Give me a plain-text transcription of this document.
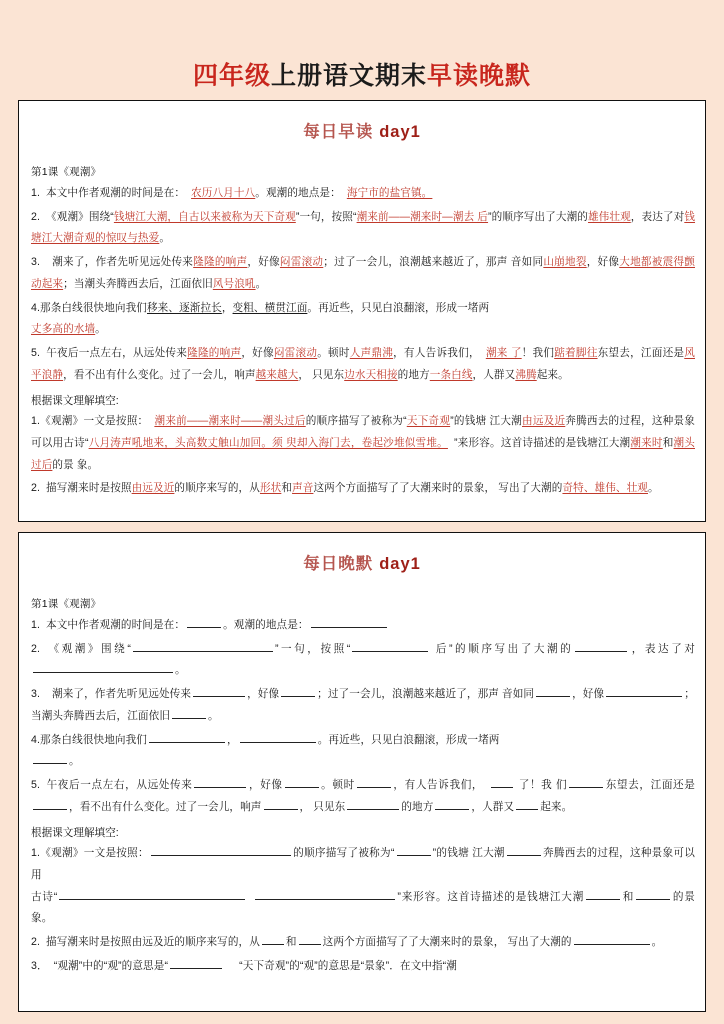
四年级上册语文期末早读晚默
每日早读 day1
第1课《观潮》

1. 本文中作者观潮的时间是在： 农历八月十八。观潮的地点是： 海宁市的盐官镇。

2. 《观潮》围绕“钱塘江大潮，自古以来被称为天下奇观”一句，按照“潮来前——潮来时—潮去 后”的顺序写出了大潮的雄伟壮观，表达了对钱塘江大潮奇观的惊叹与热爱。

3. 潮来了，作者先听见远处传来隆隆的响声，好像闷雷滚动；过了一会儿，浪潮越来越近了，那声 音如同山崩地裂，好像大地都被震得颤动起来；当潮头奔腾西去后，江面依旧风号浪吼。

4.那条白线很快地向我们移来、逐渐拉长，变粗、横贯江面。再近些，只见白浪翻滚，形成一堵两
丈多高的水墙。

5. 午夜后一点左右，从远处传来隆隆的响声，好像闷雷滚动。顿时人声鼎沸，有人告诉我们， 潮来 了！我们踮着脚往东望去，江面还是风平浪静，看不出有什么变化。过了一会儿，响声越来越大， 只见东边水天相接的地方一条白线，人群又沸腾起来。

根据课文理解填空:

1.《观潮》一文是按照： 潮来前——潮来时——潮头过后的顺序描写了被称为“天下奇观”的钱塘 江大潮由远及近奔腾西去的过程，这种景象可以用古诗“八月涛声吼地来，头高数丈触山加回。须 臾却入海门去，卷起沙堆似雪堆。 ”来形容。这首诗描述的是钱塘江大潮潮来时和潮头过后的景 象。

2. 描写潮来时是按照由远及近的顺序来写的，从形状和声音这两个方面描写了了大潮来时的景象， 写出了大潮的奇特、雄伟、壮观。

每日晚默 day1
第1课《观潮》

1. 本文中作者观潮的时间是在：	。观潮的地点是：

2. 《观潮》围绕“	”一句，按照“	后”的顺序写出了大潮的	，表达了对。

3. 潮来了，作者先听见远处传来	，好像	；过了一会儿，浪潮越来越近了，那声 音如同	，好像	；
当潮头奔腾西去后，江面依旧	。

4.那条白线很快地向我们	，	。再近些，只见白浪翻滚，形成一堵两
。

5. 午夜后一点左右，从远处传来	，好像	。顿时	，有人告诉我们，	了！我 们	东望去，江面还是，看不出有什么变化。过了一会儿，响声	， 只见东	的地方	，人群又 起来。

根据课文理解填空:

1.《观潮》一文是按照：	的顺序描写了被称为“	”的钱塘 江大潮	奔腾西去的过程，这种景象可以用
古诗“	”来形容。这首诗描述的是钱塘江大潮	和	的景 象。

2. 描写潮来时是按照由远及近的顺序来写的，从 和 这两个方面描写了了大潮来时的景象， 写出了大潮的	。

3． “观潮”中的“观”的意思是“	“天下奇观”的“观”的意思是“景象”．在文中指“潮
